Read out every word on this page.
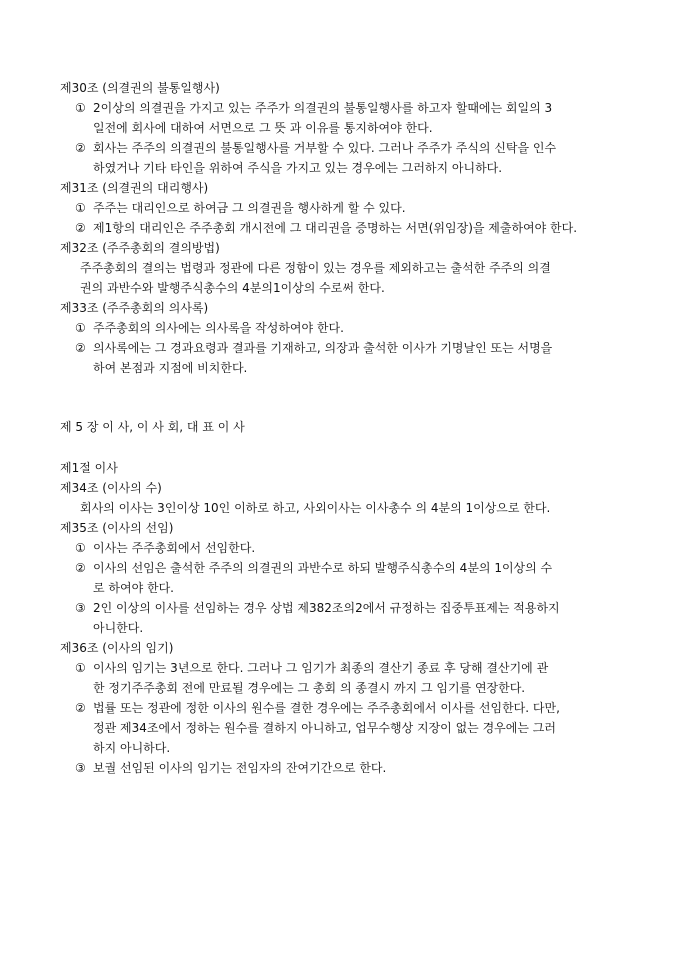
제30조 (의결권의 불통일행사)
① 2이상의 의결권을 가지고 있는 주주가 의결권의 불통일행사를 하고자 할때에는 회일의 3
일전에 회사에 대하여 서면으로 그 뜻 과 이유를 통지하여야 한다.
② 회사는 주주의 의결권의 불통일행사를 거부할 수 있다. 그러나 주주가 주식의 신탁을 인수
하였거나 기타 타인을 위하여 주식을 가지고 있는 경우에는 그러하지 아니하다.
제31조 (의결권의 대리행사)
① 주주는 대리인으로 하여금 그 의결권을 행사하게 할 수 있다.
② 제1항의 대리인은 주주총회 개시전에 그 대리권을 증명하는 서면(위임장)을 제출하여야 한다.
제32조 (주주총회의 결의방법)
주주총회의 결의는 법령과 정관에 다른 정함이 있는 경우를 제외하고는 출석한 주주의 의결
권의 과반수와 발행주식총수의 4분의1이상의 수로써 한다.
제33조 (주주총회의 의사록)
① 주주총회의 의사에는 의사록을 작성하여야 한다.
② 의사록에는 그 경과요령과 결과를 기재하고, 의장과 출석한 이사가 기명날인 또는 서명을
하여 본점과 지점에 비치한다.
제 5 장 이 사, 이 사 회, 대 표 이 사
제1절 이사
제34조 (이사의 수)
회사의 이사는 3인이상 10인 이하로 하고, 사외이사는 이사총수 의 4분의 1이상으로 한다.
제35조 (이사의 선임)
① 이사는 주주총회에서 선임한다.
② 이사의 선임은 출석한 주주의 의결권의 과반수로 하되 발행주식총수의 4분의 1이상의 수
로 하여야 한다.
③ 2인 이상의 이사를 선임하는 경우 상법 제382조의2에서 규정하는 집중투표제는 적용하지
아니한다.
제36조 (이사의 임기)
① 이사의 임기는 3년으로 한다. 그러나 그 임기가 최종의 결산기 종료 후 당해 결산기에 관
한 정기주주총회 전에 만료될 경우에는 그 총회 의 종결시 까지 그 임기를 연장한다.
② 법률 또는 정관에 정한 이사의 원수를 결한 경우에는 주주총회에서 이사를 선임한다. 다만,
정관 제34조에서 정하는 원수를 결하지 아니하고, 업무수행상 지장이 없는 경우에는 그러
하지 아니하다.
③ 보궐 선임된 이사의 임기는 전임자의 잔여기간으로 한다.
